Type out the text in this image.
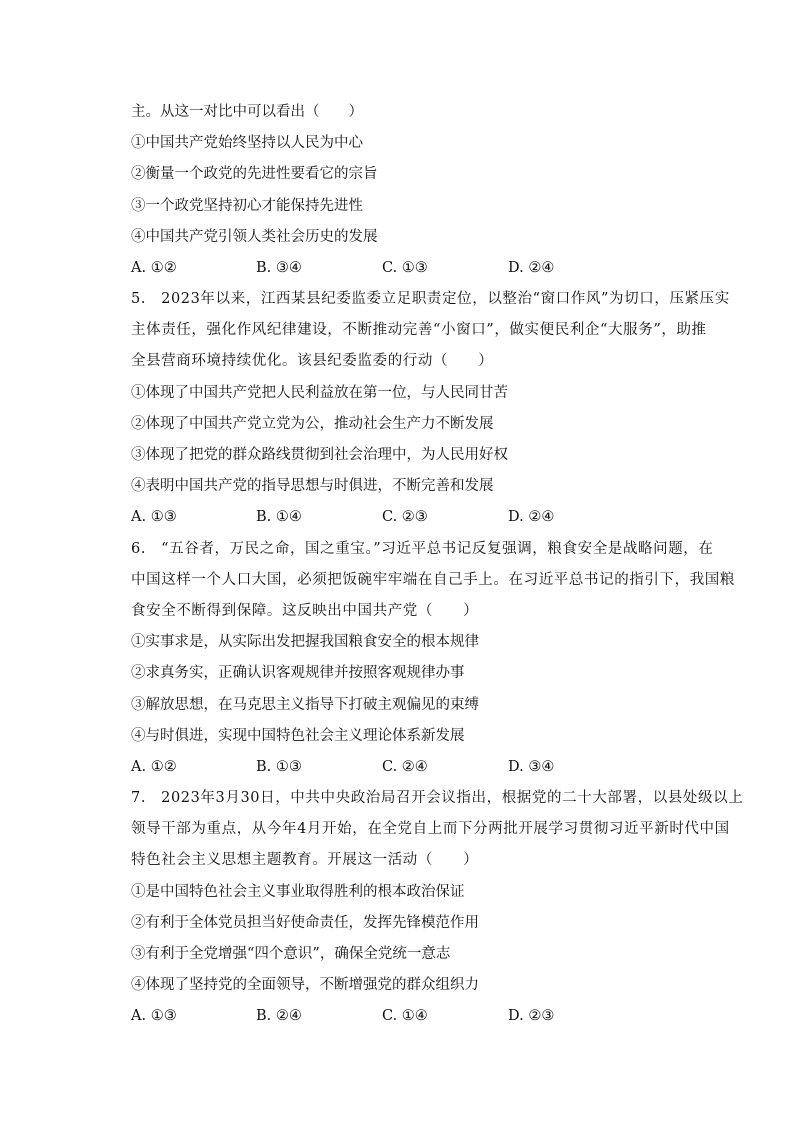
主。从这一对比中可以看出（　　）
①中国共产党始终坚持以人民为中心
②衡量一个政党的先进性要看它的宗旨
③一个政党坚持初心才能保持先进性
④中国共产党引领人类社会历史的发展
A. ①②	B. ③④	C. ①③	D. ②④
5.　2023年以来，江西某县纪委监委立足职责定位，以整治“窗口作风”为切口，压紧压实
主体责任，强化作风纪律建设，不断推动完善“小窗口”，做实便民利企“大服务”，助推
全县营商环境持续优化。该县纪委监委的行动（　　）
①体现了中国共产党把人民利益放在第一位，与人民同甘苦
②体现了中国共产党立党为公，推动社会生产力不断发展
③体现了把党的群众路线贯彻到社会治理中，为人民用好权
④表明中国共产党的指导思想与时俱进，不断完善和发展
A. ①③	B. ①④	C. ②③	D. ②④
6.　“五谷者，万民之命，国之重宝。”习近平总书记反复强调，粮食安全是战略问题，在
中国这样一个人口大国，必须把饭碗牢牢端在自己手上。在习近平总书记的指引下，我国粮
食安全不断得到保障。这反映出中国共产党（　　）
①实事求是，从实际出发把握我国粮食安全的根本规律
②求真务实，正确认识客观规律并按照客观规律办事
③解放思想，在马克思主义指导下打破主观偏见的束缚
④与时俱进，实现中国特色社会主义理论体系新发展
A. ①②	B. ①③	C. ②④	D. ③④
7.　2023年3月30日，中共中央政治局召开会议指出，根据党的二十大部署，以县处级以上
领导干部为重点，从今年4月开始，在全党自上而下分两批开展学习贯彻习近平新时代中国
特色社会主义思想主题教育。开展这一活动（　　）
①是中国特色社会主义事业取得胜利的根本政治保证
②有利于全体党员担当好使命责任，发挥先锋模范作用
③有利于全党增强“四个意识”，确保全党统一意志
④体现了坚持党的全面领导，不断增强党的群众组织力
A. ①③	B. ②④	C. ①④	D. ②③
